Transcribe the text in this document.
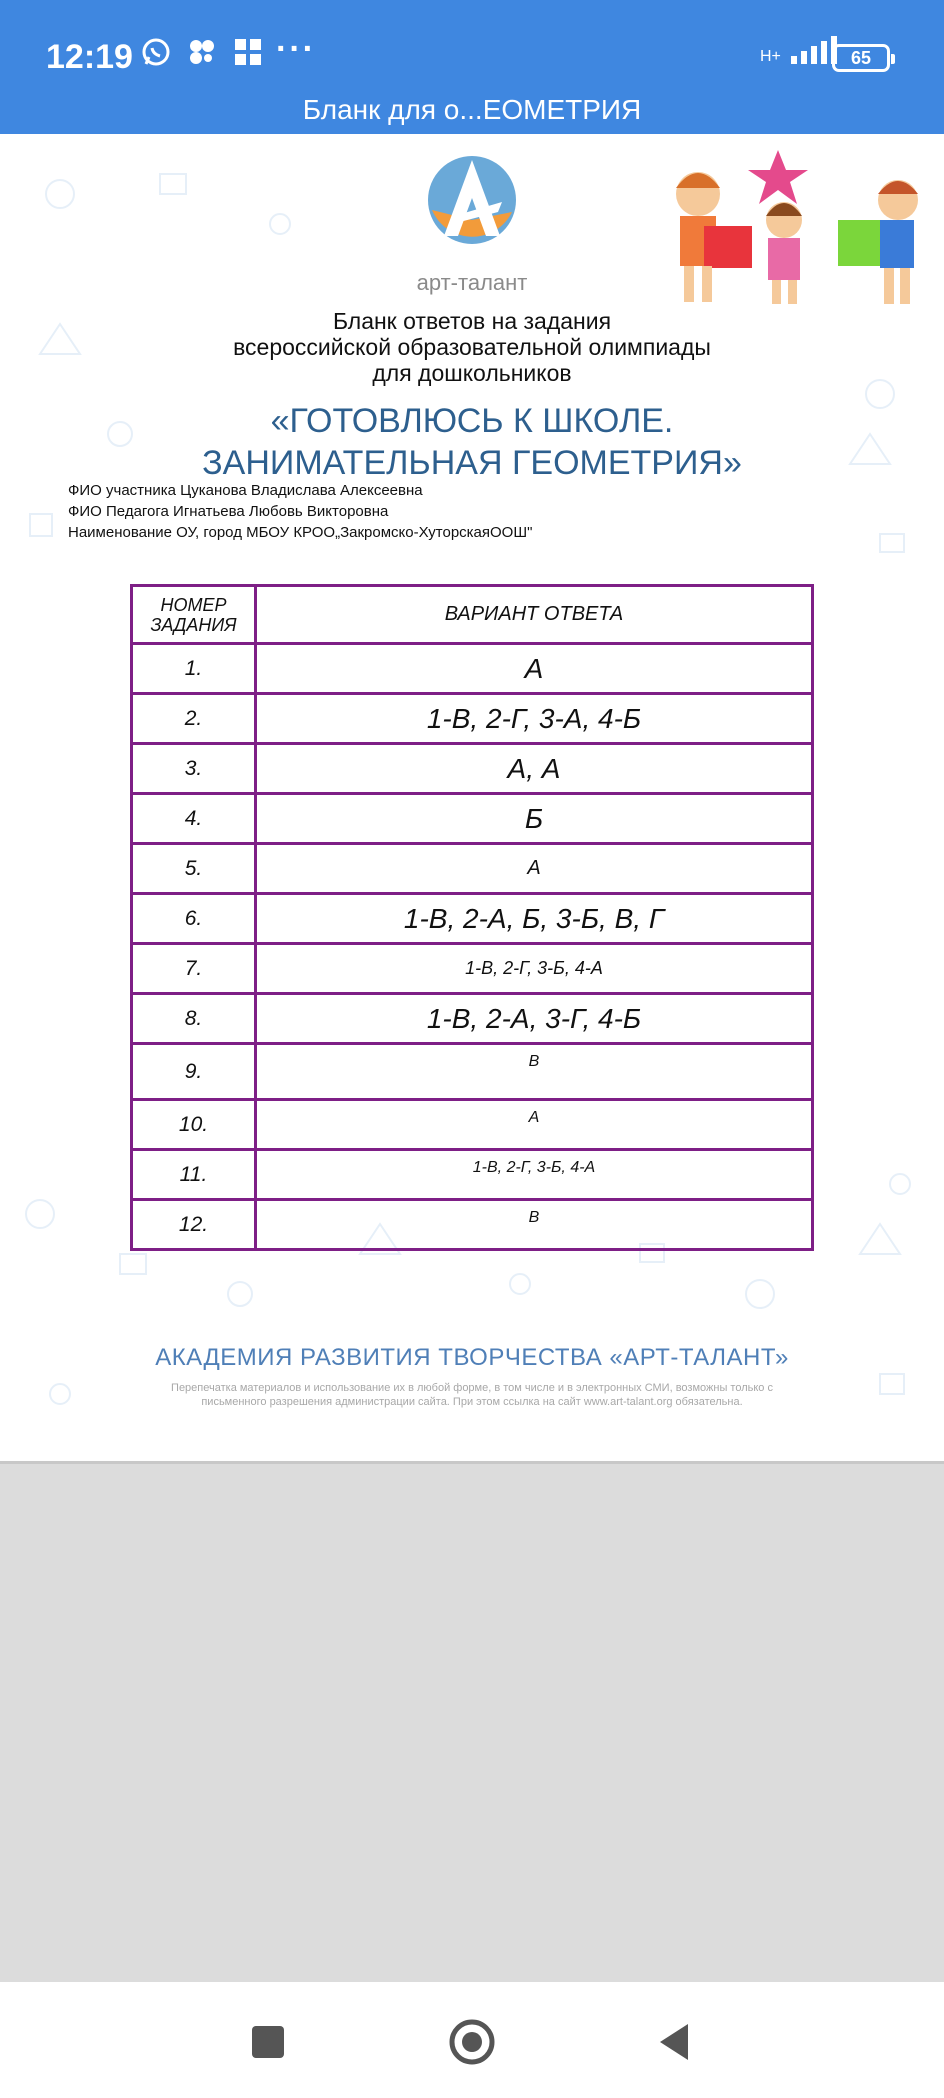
12:19	···	H+	65
Бланк для о...ЕОМЕТРИЯ
арт-талант
Бланк ответов на задания
всероссийской образовательной олимпиады
для дошкольников
«ГОТОВЛЮСЬ К ШКОЛЕ.
ЗАНИМАТЕЛЬНАЯ ГЕОМЕТРИЯ»
ФИО участника Цуканова Владислава Алексеевна
ФИО Педагога Игнатьева Любовь Викторовна
Наименование ОУ, город МБОУ КРОО„Закромско-ХуторскаяООШ"
НОМЕР ЗАДАНИЯ	ВАРИАНТ ОТВЕТА
1.	А
2.	1-В, 2-Г, 3-А, 4-Б
3.	А, А
4.	Б
5.	А
6.	1-В, 2-А, Б, 3-Б, В, Г
7.	1-В, 2-Г, 3-Б, 4-А
8.	1-В, 2-А, 3-Г, 4-Б
9.	В
10.	А
11.	1-В, 2-Г, 3-Б, 4-А
12.	В
АКАДЕМИЯ РАЗВИТИЯ ТВОРЧЕСТВА «АРТ-ТАЛАНТ»
Перепечатка материалов и использование их в любой форме, в том числе и в электронных СМИ, возможны только с
письменного разрешения администрации сайта. При этом ссылка на сайт www.art-talant.org обязательна.
